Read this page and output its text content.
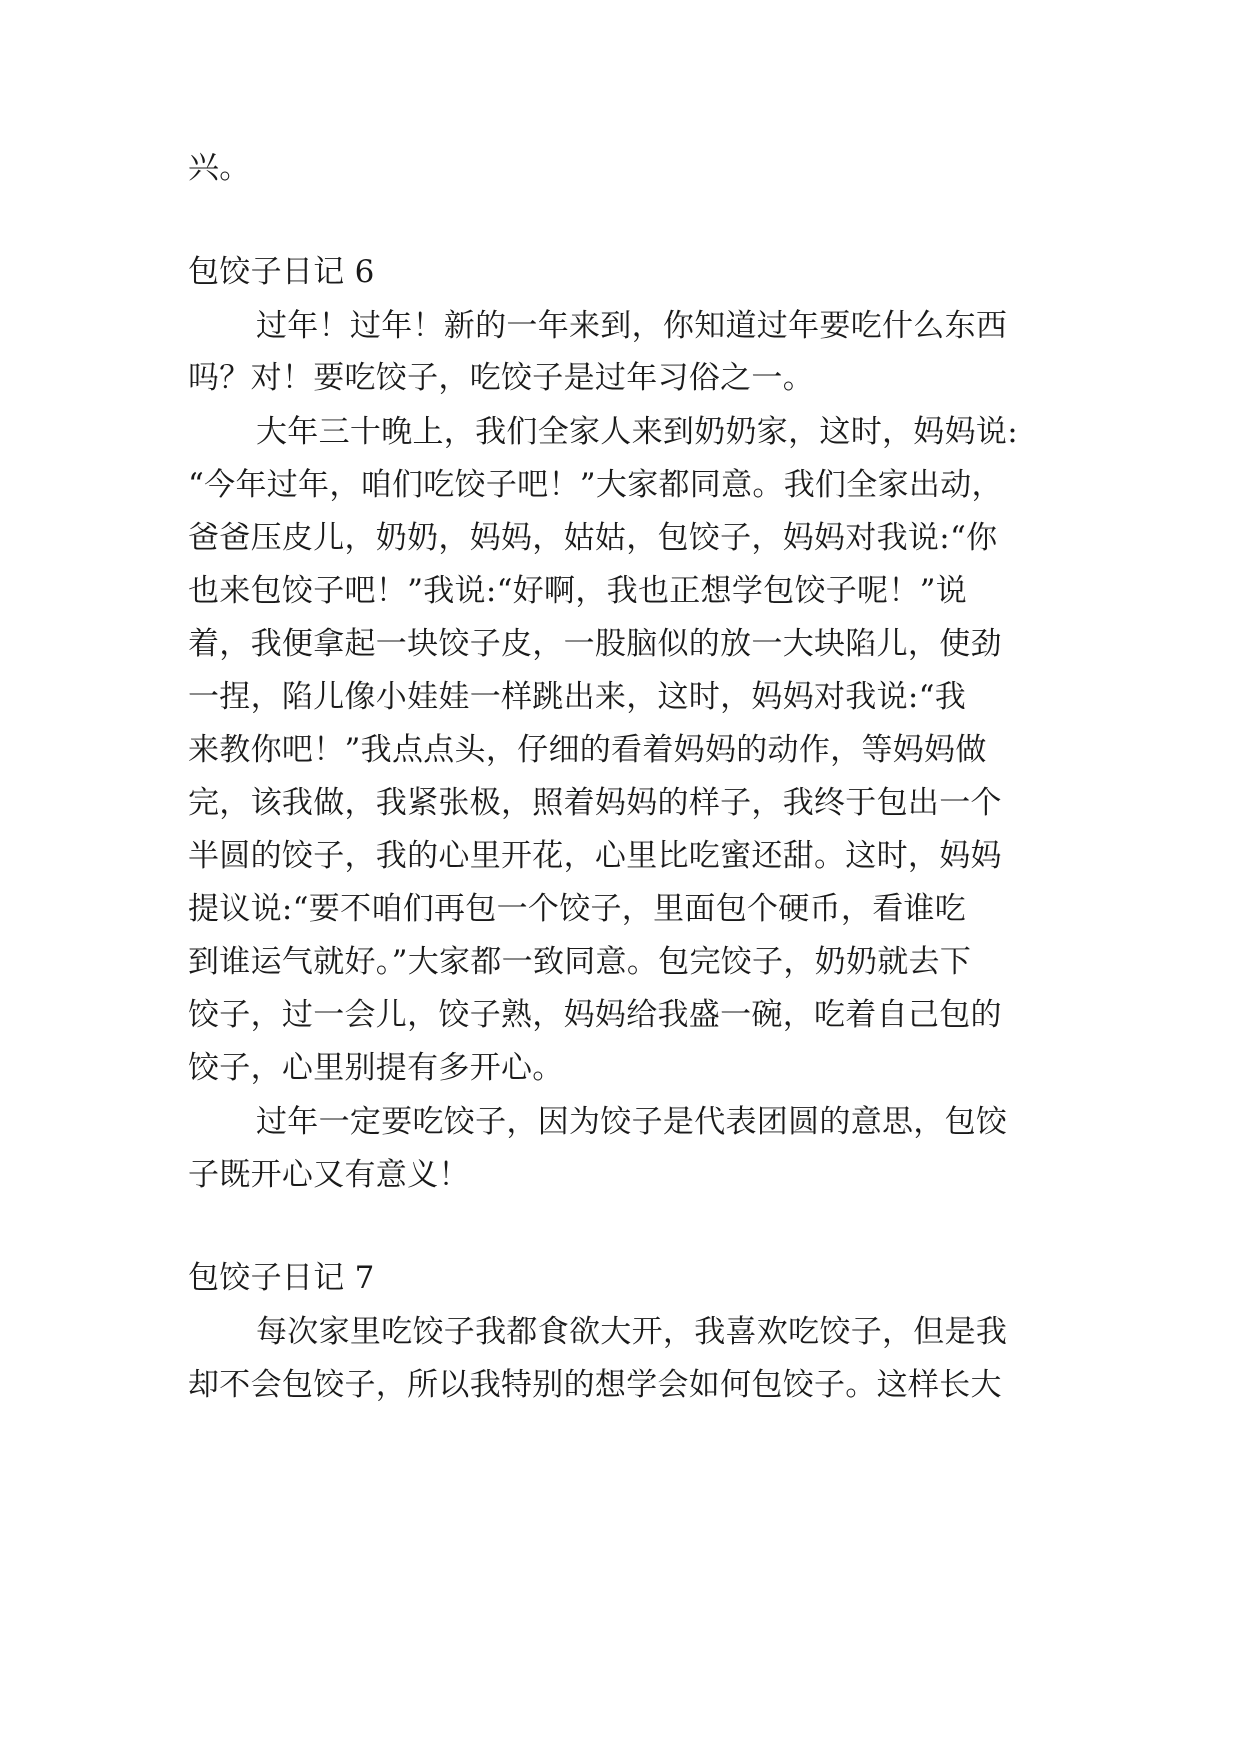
兴。
包饺子日记 6
过年！过年！新的一年来到，你知道过年要吃什么东西
吗？对！要吃饺子，吃饺子是过年习俗之一。
大年三十晚上，我们全家人来到奶奶家，这时，妈妈说:
“今年过年，咱们吃饺子吧！”大家都同意。我们全家出动，
爸爸压皮儿，奶奶，妈妈，姑姑，包饺子，妈妈对我说:“你
也来包饺子吧！”我说:“好啊，我也正想学包饺子呢！”说
着，我便拿起一块饺子皮，一股脑似的放一大块陷儿，使劲
一捏，陷儿像小娃娃一样跳出来，这时，妈妈对我说:“我
来教你吧！”我点点头，仔细的看着妈妈的动作，等妈妈做
完，该我做，我紧张极，照着妈妈的样子，我终于包出一个
半圆的饺子，我的心里开花，心里比吃蜜还甜。这时，妈妈
提议说:“要不咱们再包一个饺子，里面包个硬币，看谁吃
到谁运气就好。”大家都一致同意。包完饺子，奶奶就去下
饺子，过一会儿，饺子熟，妈妈给我盛一碗，吃着自己包的
饺子，心里别提有多开心。
过年一定要吃饺子，因为饺子是代表团圆的意思，包饺
子既开心又有意义！
包饺子日记 7
每次家里吃饺子我都食欲大开，我喜欢吃饺子，但是我
却不会包饺子，所以我特别的想学会如何包饺子。这样长大
